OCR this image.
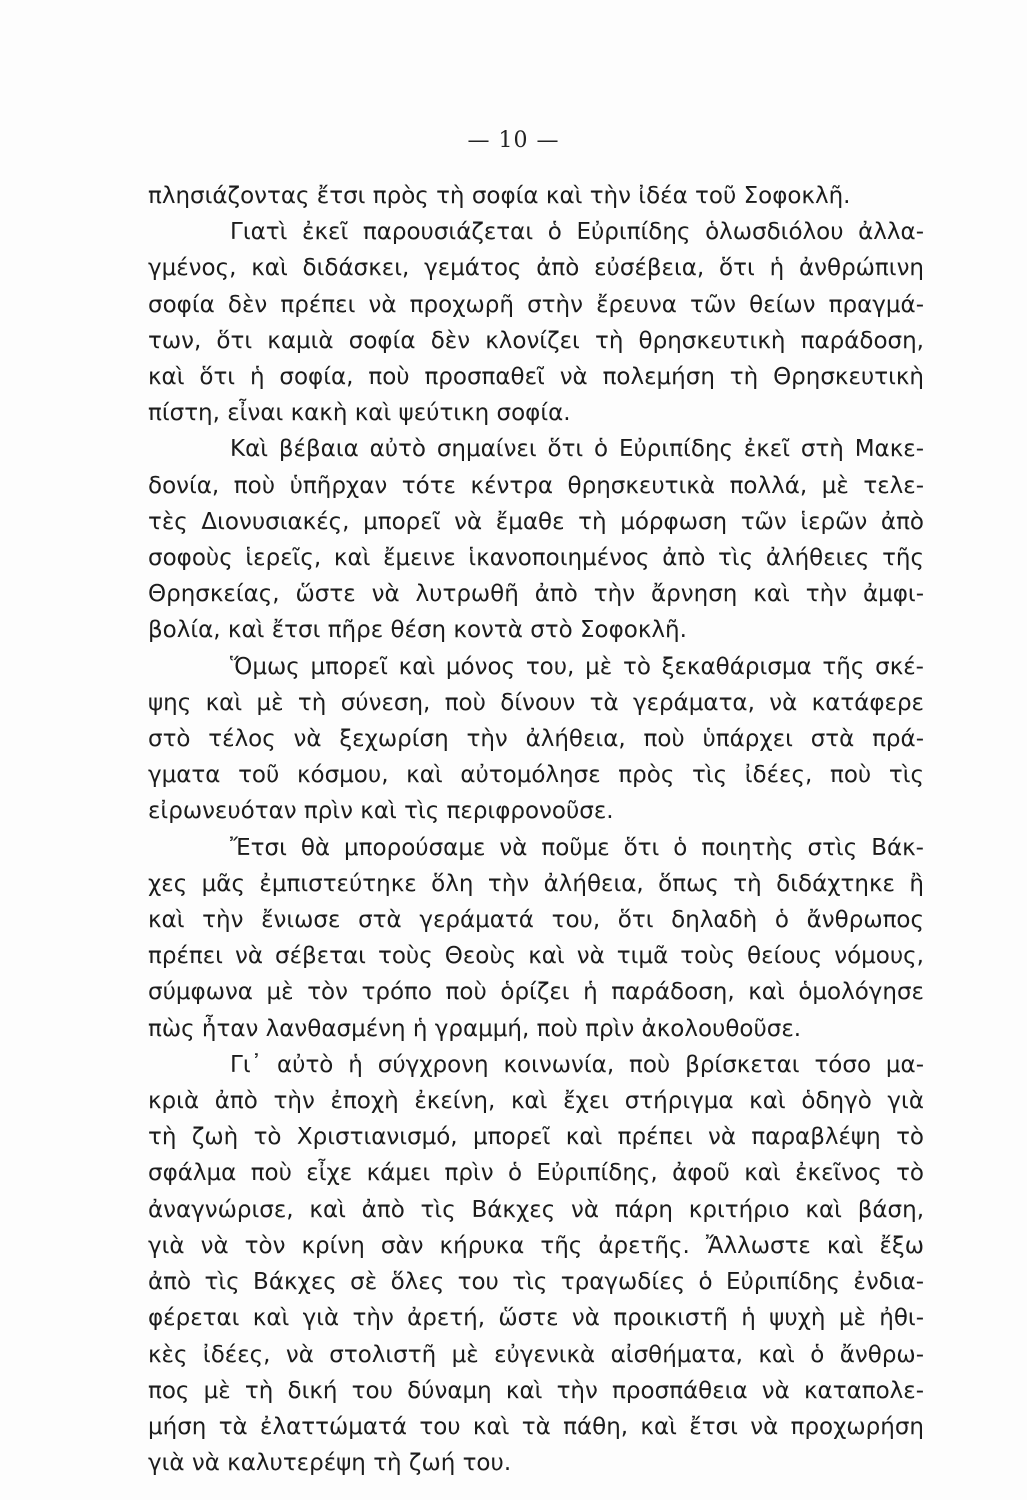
— 10 —
πλησιάζοντας ἔτσι πρὸς τὴ σοφία καὶ τὴν ἰδέα τοῦ Σοφοκλῆ.
Γιατὶ ἐκεῖ παρουσιάζεται ὁ Εὐριπίδης ὁλωσδιόλου ἀλλα-
γμένος, καὶ διδάσκει, γεμάτος ἀπὸ εὐσέβεια, ὅτι ἡ ἀνθρώπινη
σοφία δὲν πρέπει νὰ προχωρῆ στὴν ἔρευνα τῶν θείων πραγμά-
των, ὅτι καμιὰ σοφία δὲν κλονίζει τὴ θρησκευτικὴ παράδοση,
καὶ ὅτι ἡ σοφία, ποὺ προσπαθεῖ νὰ πολεμήση τὴ Θρησκευτικὴ
πίστη, εἶναι κακὴ καὶ ψεύτικη σοφία.
Καὶ βέβαια αὐτὸ σημαίνει ὅτι ὁ Εὐριπίδης ἐκεῖ στὴ Μακε-
δονία, ποὺ ὑπῆρχαν τότε κέντρα θρησκευτικὰ πολλά, μὲ τελε-
τὲς Διονυσιακές, μπορεῖ νὰ ἔμαθε τὴ μόρφωση τῶν ἱερῶν ἀπὸ
σοφοὺς ἱερεῖς, καὶ ἔμεινε ἱκανοποιημένος ἀπὸ τὶς ἀλήθειες τῆς
Θρησκείας, ὥστε νὰ λυτρωθῆ ἀπὸ τὴν ἄρνηση καὶ τὴν ἀμφι-
βολία, καὶ ἔτσι πῆρε θέση κοντὰ στὸ Σοφοκλῆ.
Ὅμως μπορεῖ καὶ μόνος του, μὲ τὸ ξεκαθάρισμα τῆς σκέ-
ψης καὶ μὲ τὴ σύνεση, ποὺ δίνουν τὰ γεράματα, νὰ κατάφερε
στὸ τέλος νὰ ξεχωρίση τὴν ἀλήθεια, ποὺ ὑπάρχει στὰ πρά-
γματα τοῦ κόσμου, καὶ αὐτομόλησε πρὸς τὶς ἰδέες, ποὺ τὶς
εἰρωνευόταν πρὶν καὶ τὶς περιφρονοῦσε.
Ἔτσι θὰ μπορούσαμε νὰ ποῦμε ὅτι ὁ ποιητὴς στὶς Βάκ-
χες μᾶς ἐμπιστεύτηκε ὅλη τὴν ἀλήθεια, ὅπως τὴ διδάχτηκε ἢ
καὶ τὴν ἔνιωσε στὰ γεράματά του, ὅτι δηλαδὴ ὁ ἄνθρωπος
πρέπει νὰ σέβεται τοὺς Θεοὺς καὶ νὰ τιμᾶ τοὺς θείους νόμους,
σύμφωνα μὲ τὸν τρόπο ποὺ ὁρίζει ἡ παράδοση, καὶ ὁμολόγησε
πὼς ἦταν λανθασμένη ἡ γραμμή, ποὺ πρὶν ἀκολουθοῦσε.
Γι᾿ αὐτὸ ἡ σύγχρονη κοινωνία, ποὺ βρίσκεται τόσο μα-
κριὰ ἀπὸ τὴν ἐποχὴ ἐκείνη, καὶ ἔχει στήριγμα καὶ ὁδηγὸ γιὰ
τὴ ζωὴ τὸ Χριστιανισμό, μπορεῖ καὶ πρέπει νὰ παραβλέψη τὸ
σφάλμα ποὺ εἶχε κάμει πρὶν ὁ Εὐριπίδης, ἀφοῦ καὶ ἐκεῖνος τὸ
ἀναγνώρισε, καὶ ἀπὸ τὶς Βάκχες νὰ πάρη κριτήριο καὶ βάση,
γιὰ νὰ τὸν κρίνη σὰν κήρυκα τῆς ἀρετῆς. Ἄλλωστε καὶ ἔξω
ἀπὸ τὶς Βάκχες σὲ ὅλες του τὶς τραγωδίες ὁ Εὐριπίδης ἐνδια-
φέρεται καὶ γιὰ τὴν ἀρετή, ὥστε νὰ προικιστῆ ἡ ψυχὴ μὲ ἠθι-
κὲς ἰδέες, νὰ στολιστῆ μὲ εὐγενικὰ αἰσθήματα, καὶ ὁ ἄνθρω-
πος μὲ τὴ δική του δύναμη καὶ τὴν προσπάθεια νὰ καταπολε-
μήση τὰ ἐλαττώματά του καὶ τὰ πάθη, καὶ ἔτσι νὰ προχωρήση
γιὰ νὰ καλυτερέψη τὴ ζωή του.
